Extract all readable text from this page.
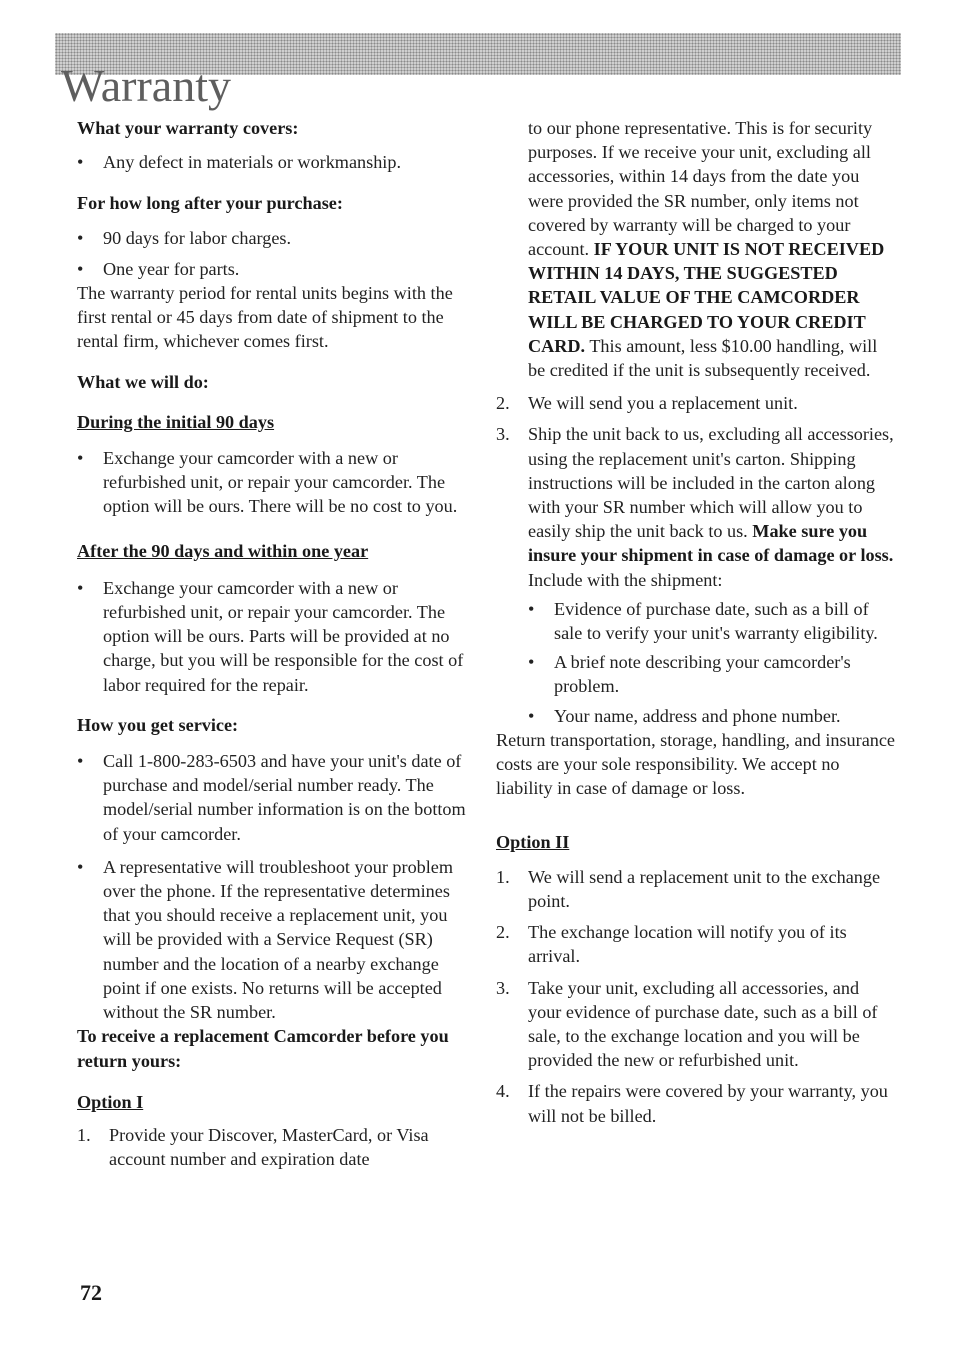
Warranty

What your warranty covers:

• Any defect in materials or workmanship.

For how long after your purchase:

• 90 days for labor charges.
• One year for parts.

The warranty period for rental units begins with the first rental or 45 days from date of shipment to the rental firm, whichever comes first.

What we will do:

During the initial 90 days

• Exchange your camcorder with a new or refurbished unit, or repair your camcorder. The option will be ours. There will be no cost to you.

After the 90 days and within one year

• Exchange your camcorder with a new or refurbished unit, or repair your camcorder. The option will be ours. Parts will be provided at no charge, but you will be responsible for the cost of labor required for the repair.

How you get service:

• Call 1-800-283-6503 and have your unit's date of purchase and model/serial number ready. The model/serial number information is on the bottom of your camcorder.
• A representative will troubleshoot your problem over the phone. If the representative determines that you should receive a replacement unit, you will be provided with a Service Request (SR) number and the location of a nearby exchange point if one exists. No returns will be accepted without the SR number.

To receive a replacement Camcorder before you return yours:

Option I

1. Provide your Discover, MasterCard, or Visa account number and expiration date
to our phone representative. This is for security purposes. If we receive your unit, excluding all accessories, within 14 days from the date you were provided the SR number, only items not covered by warranty will be charged to your account. IF YOUR UNIT IS NOT RECEIVED WITHIN 14 DAYS, THE SUGGESTED RETAIL VALUE OF THE CAMCORDER WILL BE CHARGED TO YOUR CREDIT CARD. This amount, less $10.00 handling, will be credited if the unit is subsequently received.
2. We will send you a replacement unit.
3. Ship the unit back to us, excluding all accessories, using the replacement unit's carton. Shipping instructions will be included in the carton along with your SR number which will allow you to easily ship the unit back to us. Make sure you insure your shipment in case of damage or loss. Include with the shipment:
• Evidence of purchase date, such as a bill of sale to verify your unit's warranty eligibility.
• A brief note describing your camcorder's problem.
• Your name, address and phone number.

Return transportation, storage, handling, and insurance costs are your sole responsibility. We accept no liability in case of damage or loss.

Option II

1. We will send a replacement unit to the exchange point.
2. The exchange location will notify you of its arrival.
3. Take your unit, excluding all accessories, and your evidence of purchase date, such as a bill of sale, to the exchange location and you will be provided the new or refurbished unit.
4. If the repairs were covered by your warranty, you will not be billed.
72
